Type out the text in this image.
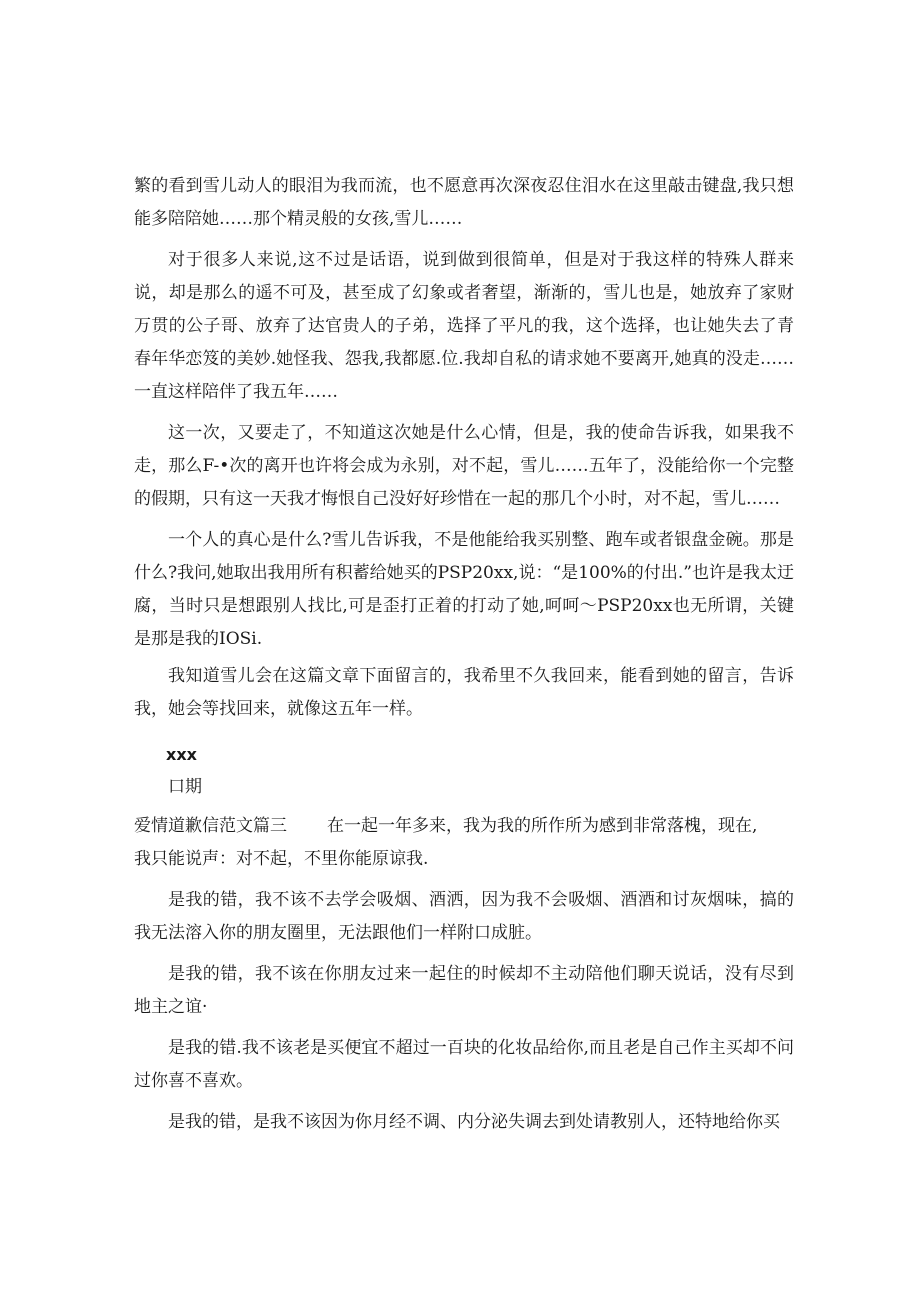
繁的看到雪儿动人的眼泪为我而流，也不愿意再次深夜忍住泪水在这里敲击键盘,我只想能多陪陪她……那个精灵般的女孩,雪儿……

对于很多人来说,这不过是话语，说到做到很简单，但是对于我这样的特殊人群来说，却是那么的遥不可及，甚至成了幻象或者奢望，渐渐的，雪儿也是，她放弃了家财万贯的公子哥、放弃了达官贵人的子弟，选择了平凡的我，这个选择，也让她失去了青春年华恋笈的美妙.她怪我、怨我,我都愿.位.我却自私的请求她不要离开,她真的没走……一直这样陪伴了我五年……

这一次，又要走了，不知道这次她是什么心情，但是，我的使命告诉我，如果我不走，那么F-•次的离开也许将会成为永别，对不起，雪儿……五年了，没能给你一个完整的假期，只有这一天我才悔恨自己没好好珍惜在一起的那几个小时，对不起，雪儿……

一个人的真心是什么?雪儿告诉我，不是他能给我买别整、跑车或者银盘金碗。那是什么?我问,她取出我用所有积蓄给她买的PSP20xx,说：“是100%的付出.”也许是我太迂腐，当时只是想跟别人找比,可是歪打正着的打动了她,呵呵～PSP20xx也无所谓，关键是那是我的IOSi.

我知道雪儿会在这篇文章下面留言的，我希里不久我回来，能看到她的留言，告诉我，她会等找回来，就像这五年一样。

xxx

口期

爱情道歉信范文篇三 在一起一年多来，我为我的所作所为感到非常落槐，现在,

我只能说声：对不起，不里你能原谅我.

是我的错，我不该不去学会吸烟、酒洒，因为我不会吸烟、酒酒和讨灰烟味，搞的我无法溶入你的朋友圈里，无法跟他们一样附口成脏。

是我的错，我不该在你朋友过来一起住的时候却不主动陪他们聊天说话，没有尽到地主之谊·

是我的错.我不该老是买便宜不超过一百块的化妆品给你,而且老是自己作主买却不问过你喜不喜欢。

是我的错，是我不该因为你月经不调、内分泌失调去到处请教别人，还特地给你买
